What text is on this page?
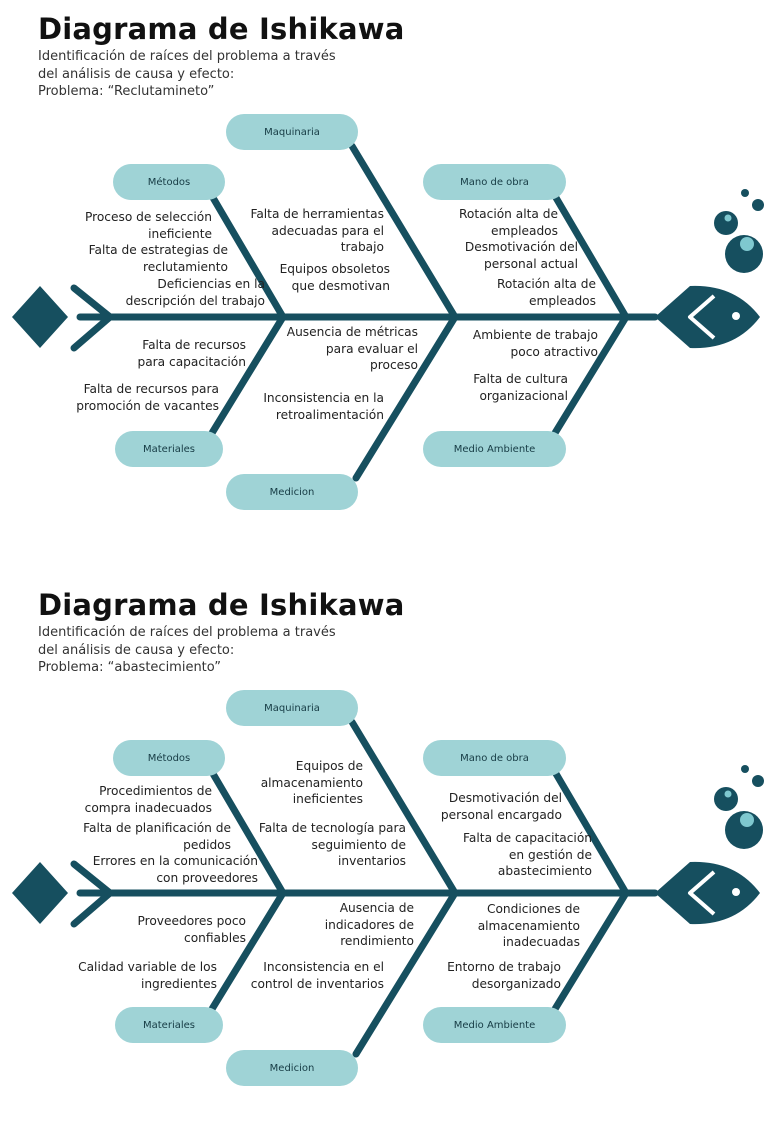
Diagrama de Ishikawa
Identificación de raíces del problema a través
del análisis de causa y efecto:
Problema: “Reclutamineto”
Maquinaria
Métodos	Mano de obra
Materiales
Medicion
Medio Ambiente
Proceso de selección
ineficiente
Falta de estrategias de
reclutamiento
Deficiencias en la
descripción del trabajo
Falta de herramientas
adecuadas para el
trabajo
Equipos obsoletos
que desmotivan
Rotación alta de
empleados
Desmotivación del
personal actual
Rotación alta de
empleados
Falta de recursos
para capacitación
Falta de recursos para
promoción de vacantes
Ausencia de métricas
para evaluar el
proceso
Inconsistencia en la
retroalimentación
Ambiente de trabajo
poco atractivo
Falta de cultura
organizacional
Diagrama de Ishikawa
Identificación de raíces del problema a través
del análisis de causa y efecto:
Problema: “abastecimiento”
Maquinaria
Métodos	Mano de obra
Materiales
Medicion
Medio Ambiente
Procedimientos de
compra inadecuados
Falta de planificación de
pedidos
Errores en la comunicación
con proveedores
Equipos de
almacenamiento
ineficientes
Falta de tecnología para
seguimiento de
inventarios
Desmotivación del
personal encargado
Falta de capacitación
en gestión de
abastecimiento
Proveedores poco
confiables
Calidad variable de los
ingredientes
Ausencia de
indicadores de
rendimiento
Inconsistencia en el
control de inventarios
Condiciones de
almacenamiento
inadecuadas
Entorno de trabajo
desorganizado
